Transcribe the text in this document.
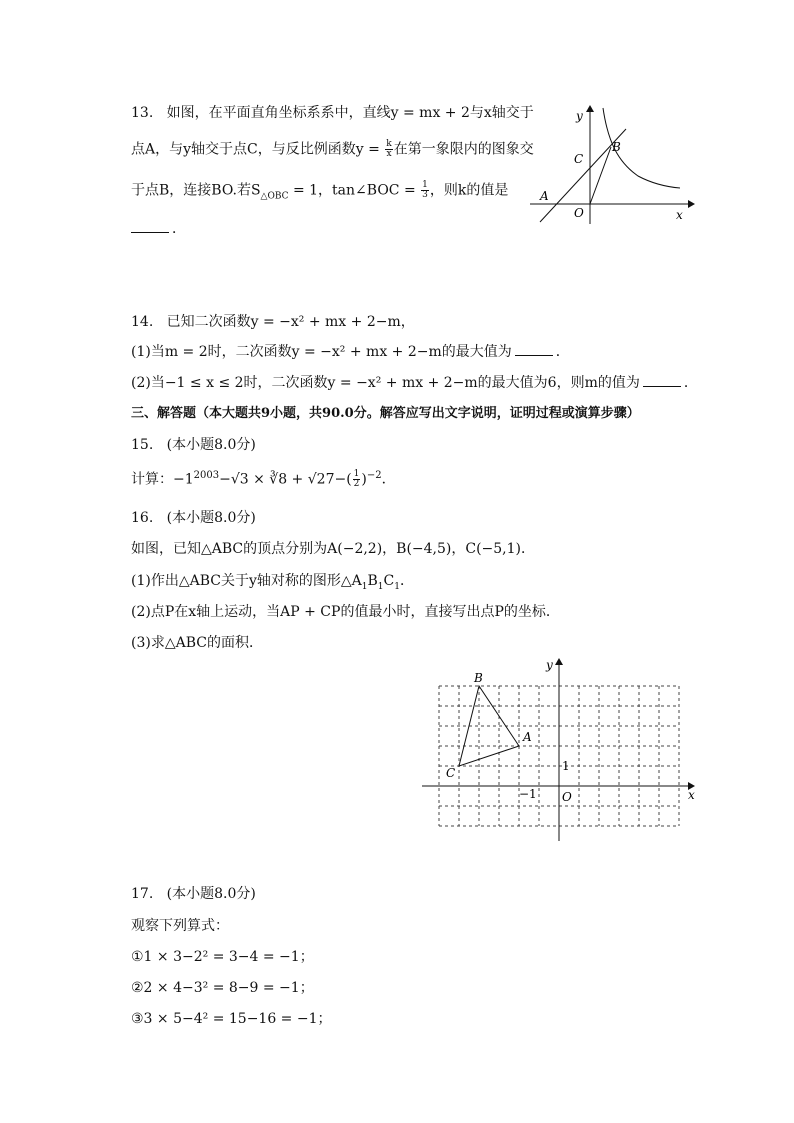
13. 如图，在平面直角坐标系系中，直线y = mx + 2与x轴交于
点A，与y轴交于点C，与反比例函数$y = \frac{k}{x}$ 在第一象限内的图象交
于点B，连接BO.若$S_{\triangle OBC} = 1$，tan∠BOC = $\frac{1}{3}$ ，则k的值是
．
y
x
O
A
B
C
14. 已知二次函数y = −x² + mx + 2−m，
(1)当m = 2时，二次函数y = −x² + mx + 2−m的最大值为	．
(2)当−1 ≤ x ≤ 2时，二次函数y = −x² + mx + 2−m的最大值为6，则m的值为	．
三、解答题（本大题共9小题，共90.0分。解答应写出文字说明，证明过程或演算步骤）
15. (本小题8.0分)
计算：$-1^{2003}-√3$ × ∛8 + $√27-( \frac{1}{2} )^{-2}$．
16. (本小题8.0分)
如图，已知△ABC的顶点分别为A(−2,2)，B(−4,5)，C(−5,1)．
(1)作出△ABC关于y轴对称的图形$\triangle A_1B_1C_1$．
(2)点P在x轴上运动，当AP + CP的值最小时，直接写出点P的坐标．
(3)求△ABC的面积．
y
x
O
A
B
C	1
−1
17. (本小题8.0分)
观察下列算式：
①1 × 3−2² = 3−4 = −1；
②2 × 4−3² = 8−9 = −1；
③3 × 5−4² = 15−16 = −1；
